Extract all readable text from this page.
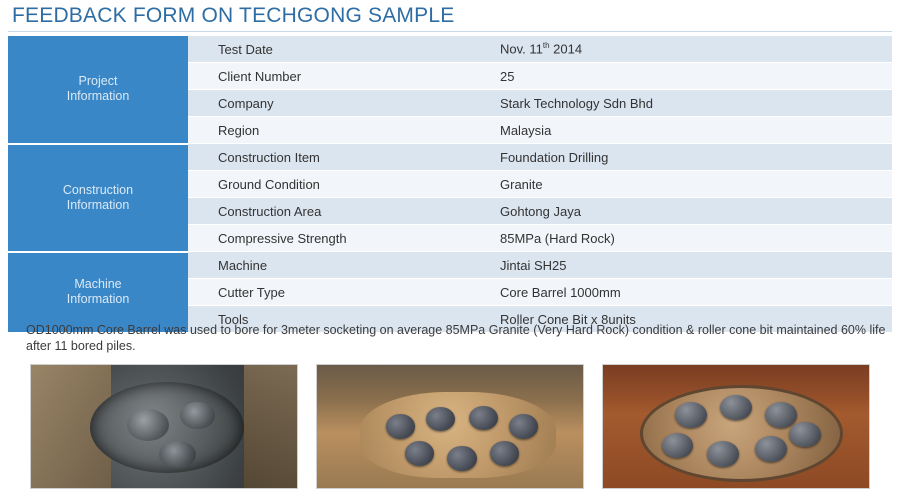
FEEDBACK FORM ON TECHGONG SAMPLE
Project
Information	Test Date	Nov. 11th 2014
	Client Number	25
	Company	Stark Technology Sdn Bhd
	Region	Malaysia

Construction
Information	Construction Item	Foundation Drilling
	Ground Condition	Granite
	Construction Area	Gohtong Jaya
	Compressive Strength	85MPa (Hard Rock)

Machine
Information	Machine	Jintai SH25
	Cutter Type	Core Barrel 1000mm
	Tools	Roller Cone Bit x 8units
OD1000mm Core Barrel was used to bore for 3meter socketing on average 85MPa Granite (Very Hard Rock) condition & roller cone bit maintained 60% life after 11 bored piles.
